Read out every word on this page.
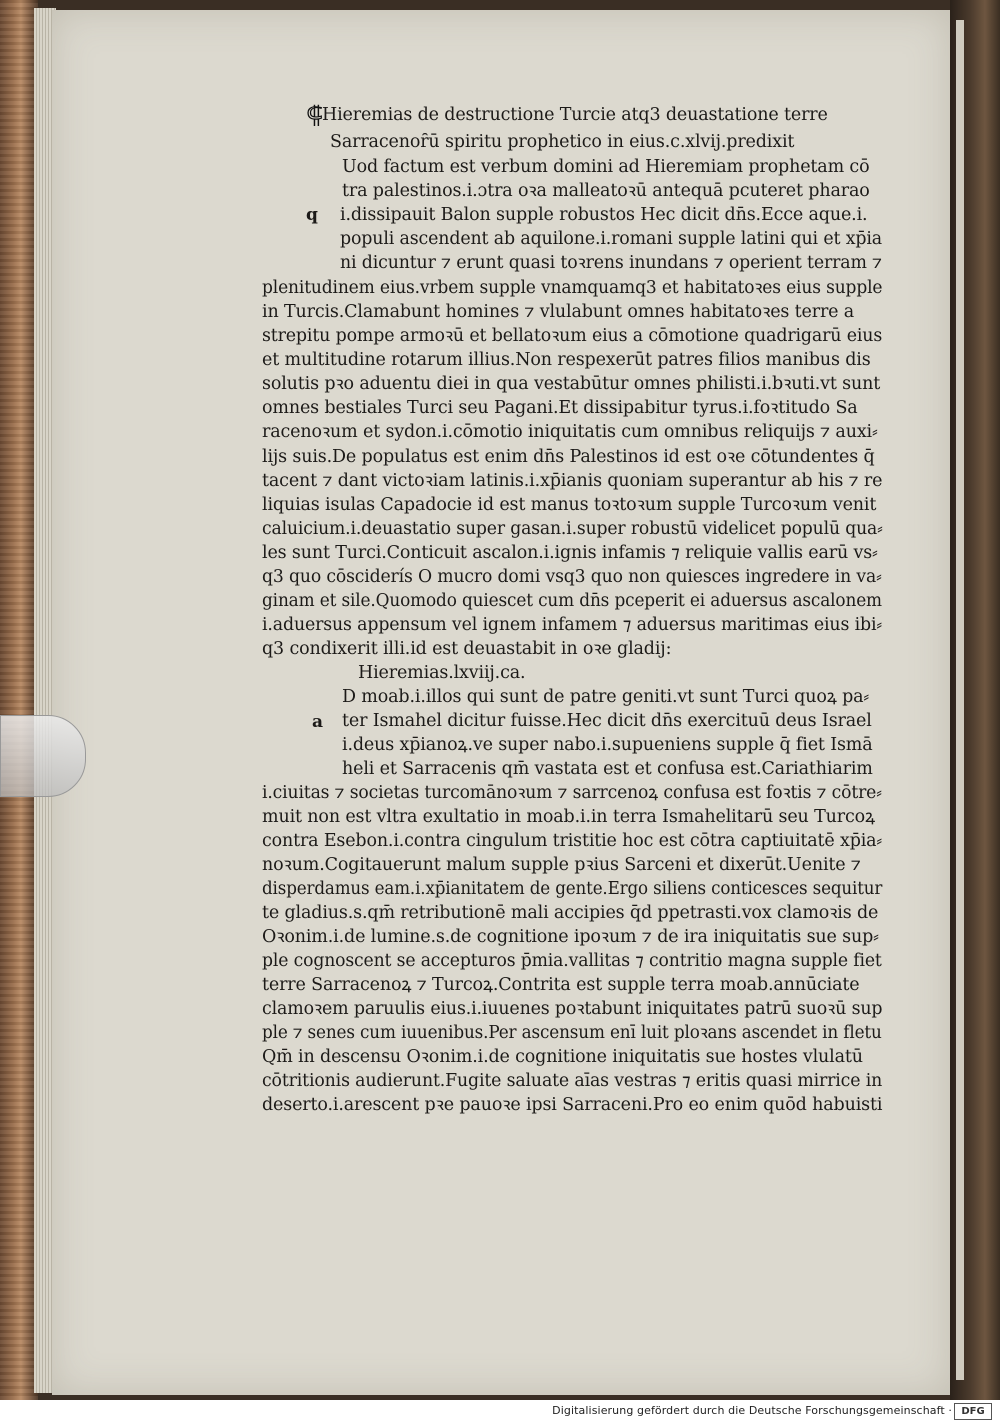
⸿
Hieremias de destructione Turcie atq3 deuastatione terre
Sarracenoȓū spiritu prophetico in eius.c.xlvij.predixit
Uod factum est verbum domini ad Hieremiam prophetam cō
tra palestinos.i.ɔtra oꝛa malleatoꝛū antequā pcuteret pharao
q i.dissipauit Balon supple robustos Hec dicit dn̄s.Ecce aque.i.
populi ascendent ab aquilone.i.romani supple latini qui et xp̄ia
ni dicuntur ⁊ erunt quasi toꝛrens inundans ⁊ operient terram ⁊
plenitudinem eius.vrbem supple vnamquamq3 et habitatoꝛes eius supple
in Turcis.Clamabunt homines ⁊ vlulabunt omnes habitatoꝛes terre a
strepitu pompe armoꝛū et bellatoꝛum eius a cōmotione quadrigarū eius
et multitudine rotarum illius.Non respexerūt patres filios manibus dis
solutis pꝛo aduentu diei in qua vestabūtur omnes philisti.i.bꝛuti.vt sunt
omnes bestiales Turci seu Pagani.Et dissipabitur tyrus.i.foꝛtitudo Sa
racenoꝛum et sydon.i.cōmotio iniquitatis cum omnibus reliquijs ⁊ auxi⸗
lijs suis.De populatus est enim dn̄s Palestinos id est oꝛe cōtundentes q̄
tacent ⁊ dant victoꝛiam latinis.i.xp̄ianis quoniam superantur ab his ⁊ re
liquias isulas Capadocie id est manus toꝛtoꝛum supple Turcoꝛum venit
caluicium.i.deuastatio super gasan.i.super robustū videlicet populū qua⸗
les sunt Turci.Conticuit ascalon.i.ignis infamis ⁊ reliquie vallis earū vs⸗
q3 quo cōsciderís O mucro domi vsq3 quo non quiesces ingredere in va⸗
ginam et sile.Quomodo quiescet cum dn̄s pceperit ei aduersus ascalonem
i.aduersus appensum vel ignem infamem ⁊ aduersus maritimas eius ibi⸗
q3 condixerit illi.id est deuastabit in oꝛe gladij:
Hieremias.lxviij.ca.
D moab.i.illos qui sunt de patre geniti.vt sunt Turci quoꝝ pa⸗
a ter Ismahel dicitur fuisse.Hec dicit dn̄s exercituū deus Israel
i.deus xp̄ianoꝝ.ve super nabo.i.supueniens supple q̄ fiet Ismā
heli et Sarracenis qm̄ vastata est et confusa est.Cariathiarim
i.ciuitas ⁊ societas turcomānoꝛum ⁊ sarrcenoꝝ confusa est foꝛtis ⁊ cōtre⸗
muit non est vltra exultatio in moab.i.in terra Ismahelitarū seu Turcoꝝ
contra Esebon.i.contra cingulum tristitie hoc est cōtra captiuitatē xp̄ia⸗
noꝛum.Cogitauerunt malum supple pꝛius Sarceni et dixerūt.Uenite ⁊
disperdamus eam.i.xp̄ianitatem de gente.Ergo siliens conticesces sequitur
te gladius.s.qm̄ retributionē mali accipies q̄d ppetrasti.vox clamoꝛis de
Oꝛonim.i.de lumine.s.de cognitione ipoꝛum ⁊ de ira iniquitatis sue sup⸗
ple cognoscent se accepturos p̄mia.vallitas ⁊ contritio magna supple fiet
terre Sarracenoꝝ ⁊ Turcoꝝ.Contrita est supple terra moab.annūciate
clamoꝛem paruulis eius.i.iuuenes poꝛtabunt iniquitates patrū suoꝛū sup
ple ⁊ senes cum iuuenibus.Per ascensum enī luit ploꝛans ascendet in fletu
Qm̄ in descensu Oꝛonim.i.de cognitione iniquitatis sue hostes vlulatū
cōtritionis audierunt.Fugite saluate aīas vestras ⁊ eritis quasi mirrice in
deserto.i.arescent pꝛe pauoꝛe ipsi Sarraceni.Pro eo enim quōd habuisti
Digitalisierung gefördert durch die Deutsche Forschungsgemeinschaft · DFG
